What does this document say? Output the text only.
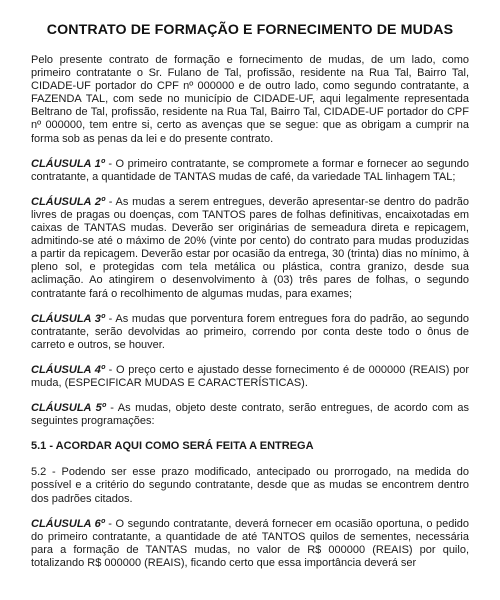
CONTRATO DE FORMAÇÃO E FORNECIMENTO DE MUDAS

Pelo presente contrato de formação e fornecimento de mudas, de um lado, como primeiro contratante o Sr. Fulano de Tal, profissão, residente na Rua Tal, Bairro Tal, CIDADE-UF portador do CPF nº 000000 e de outro lado, como segundo contratante, a FAZENDA TAL, com sede no município de CIDADE-UF, aqui legalmente representada Beltrano de Tal, profissão, residente na Rua Tal, Bairro Tal, CIDADE-UF portador do CPF nº 000000, tem entre si, certo as avenças que se segue: que as obrigam a cumprir na forma sob as penas da lei e do presente contrato.

CLÁUSULA 1º - O primeiro contratante, se compromete a formar e fornecer ao segundo contratante, a quantidade de TANTAS mudas de café, da variedade TAL linhagem TAL;

CLÁUSULA 2º - As mudas a serem entregues, deverão apresentar-se dentro do padrão livres de pragas ou doenças, com TANTOS pares de folhas definitivas, encaixotadas em caixas de TANTAS mudas. Deverão ser originárias de semeadura direta e repicagem, admitindo-se até o máximo de 20% (vinte por cento) do contrato para mudas produzidas a partir da repicagem. Deverão estar por ocasião da entrega, 30 (trinta) dias no mínimo, à pleno sol, e protegidas com tela metálica ou plástica, contra granizo, desde sua aclimação. Ao atingirem o desenvolvimento à (03) três pares de folhas, o segundo contratante fará o recolhimento de algumas mudas, para exames;

CLÁUSULA 3º - As mudas que porventura forem entregues fora do padrão, ao segundo contratante, serão devolvidas ao primeiro, correndo por conta deste todo o ônus de carreto e outros, se houver.

CLÁUSULA 4º - O preço certo e ajustado desse fornecimento é de 000000 (REAIS) por muda, (ESPECIFICAR MUDAS E CARACTERÍSTICAS).

CLÁUSULA 5º - As mudas, objeto deste contrato, serão entregues, de acordo com as seguintes programações:

5.1 - ACORDAR AQUI COMO SERÁ FEITA A ENTREGA

5.2 - Podendo ser esse prazo modificado, antecipado ou prorrogado, na medida do possível e a critério do segundo contratante, desde que as mudas se encontrem dentro dos padrões citados.

CLÁUSULA 6º - O segundo contratante, deverá fornecer em ocasião oportuna, o pedido do primeiro contratante, a quantidade de até TANTOS quilos de sementes, necessária para a formação de TANTAS mudas, no valor de R$ 000000 (REAIS) por quilo, totalizando R$ 000000 (REAIS), ficando certo que essa importância deverá ser
